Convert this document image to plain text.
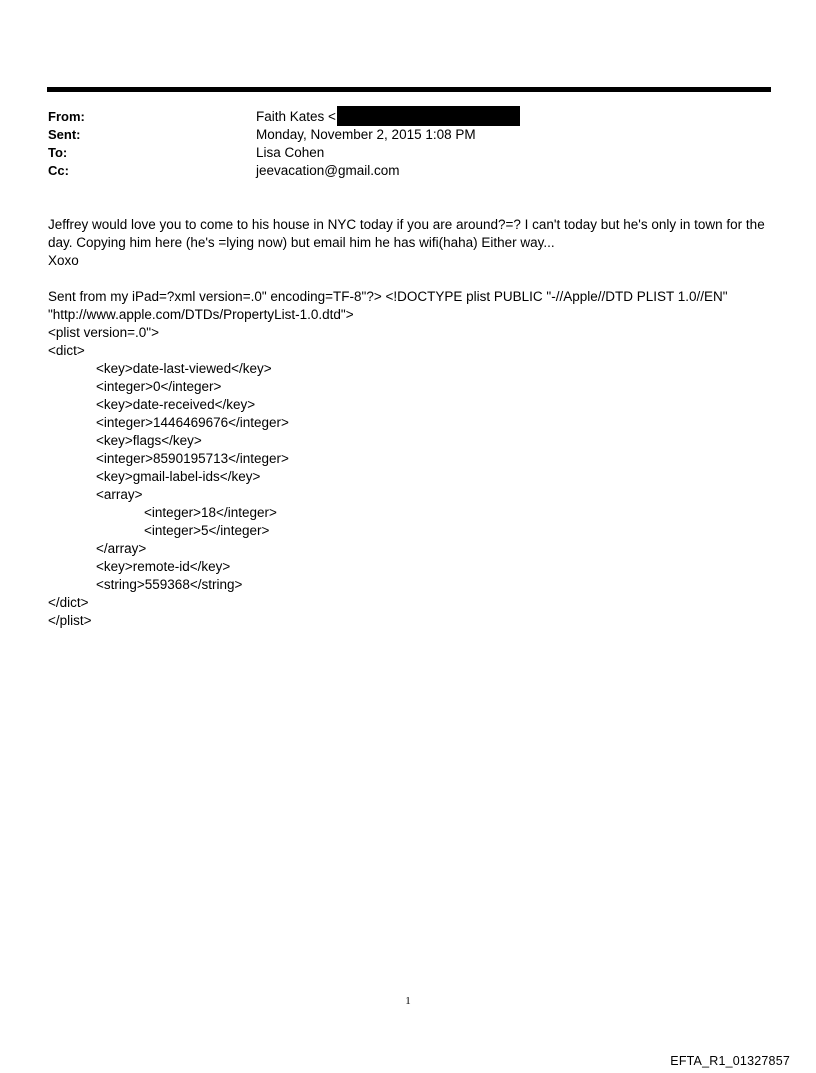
From:	Faith Kates <
Sent:	Monday, November 2, 2015 1:08 PM
To:	Lisa Cohen
Cc:	jeevacation@gmail.com

Jeffrey would love you to come to his house in NYC today if you are around?=? I can't today but he's only in town for the

day. Copying him here (he's =lying now) but email him he has wifi(haha) Either way...

Xoxo

Sent from my iPad=?xml version=.0" encoding=TF-8"?> <!DOCTYPE plist PUBLIC "-//Apple//DTD PLIST 1.0//EN"

"http://www.apple.com/DTDs/PropertyList-1.0.dtd">

<plist version=.0">

<dict>

<key>date-last-viewed</key>

<integer>0</integer>

<key>date-received</key>

<integer>1446469676</integer>

<key>flags</key>

<integer>8590195713</integer>

<key>gmail-label-ids</key>

<array>

<integer>18</integer>

<integer>5</integer>

</array>

<key>remote-id</key>

<string>559368</string>

</dict>

</plist>

1
EFTA_R1_01327857
